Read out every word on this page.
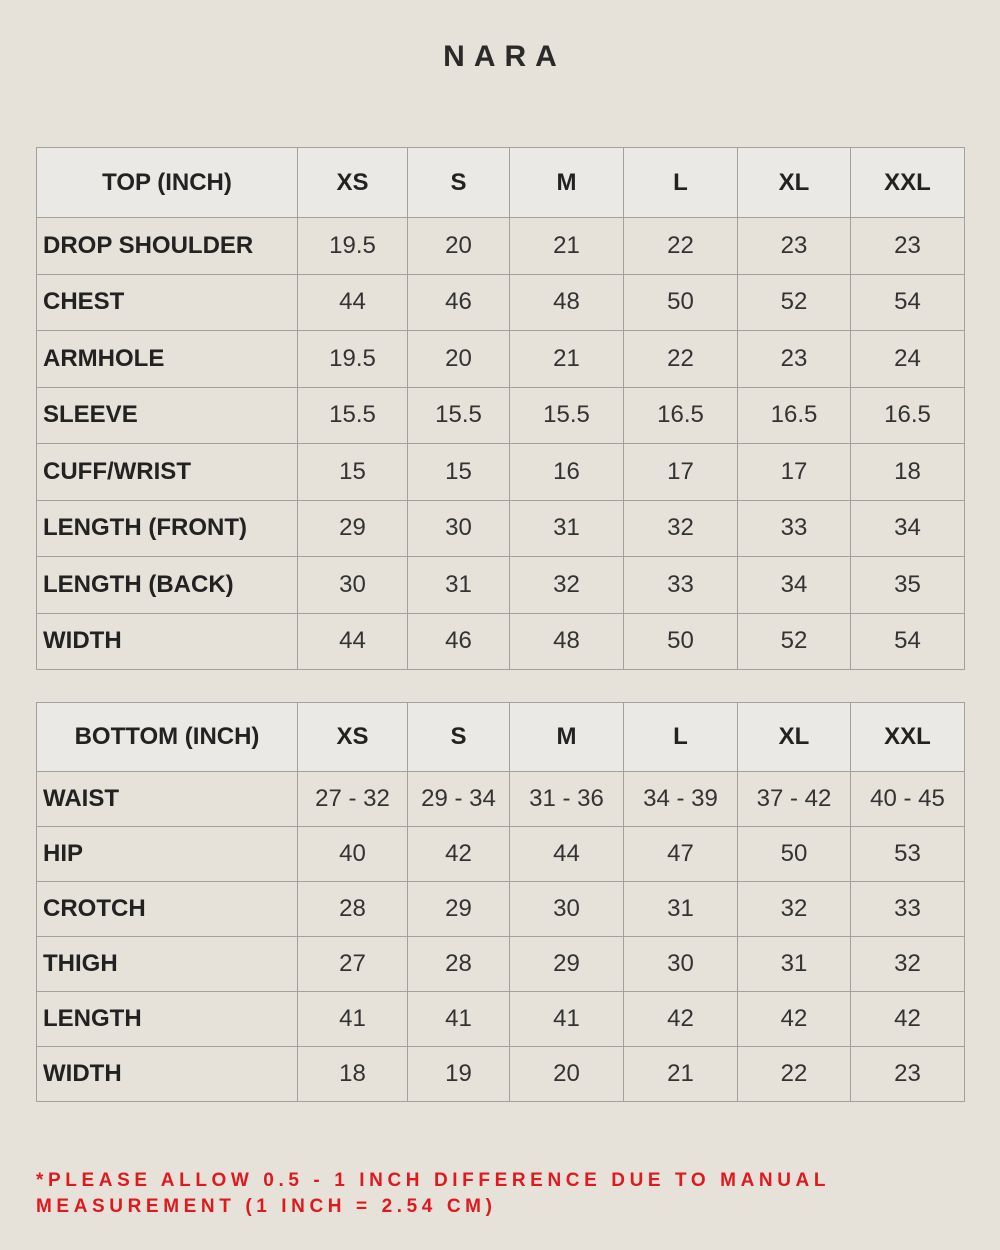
NARA
TOP (INCH)	XS	S	M	L	XL	XXL
DROP SHOULDER	19.5	20	21	22	23	23
CHEST	44	46	48	50	52	54
ARMHOLE	19.5	20	21	22	23	24
SLEEVE	15.5	15.5	15.5	16.5	16.5	16.5
CUFF/WRIST	15	15	16	17	17	18
LENGTH (FRONT)	29	30	31	32	33	34
LENGTH (BACK)	30	31	32	33	34	35
WIDTH	44	46	48	50	52	54
BOTTOM (INCH)	XS	S	M	L	XL	XXL
WAIST	27 - 32	29 - 34	31 - 36	34 - 39	37 - 42	40 - 45
HIP	40	42	44	47	50	53
CROTCH	28	29	30	31	32	33
THIGH	27	28	29	30	31	32
LENGTH	41	41	41	42	42	42
WIDTH	18	19	20	21	22	23
*PLEASE ALLOW 0.5 - 1 INCH DIFFERENCE DUE TO MANUAL
MEASUREMENT (1 INCH = 2.54 CM)
